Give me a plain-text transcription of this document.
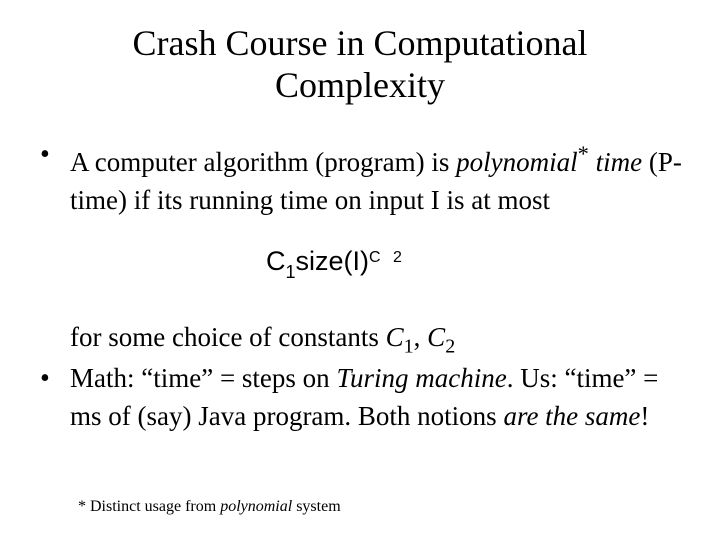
Crash Course in Computational
Complexity
• A computer algorithm (program) is polynomial* time (P-time) if its running time on input I is at most
$C_1size(I)^{C 2}$
for some choice of constants $C_1$, $C_2$
• Math: “time” = steps on Turing machine. Us: “time” = ms of (say) Java program. Both notions are the same!
* Distinct usage from polynomial system
